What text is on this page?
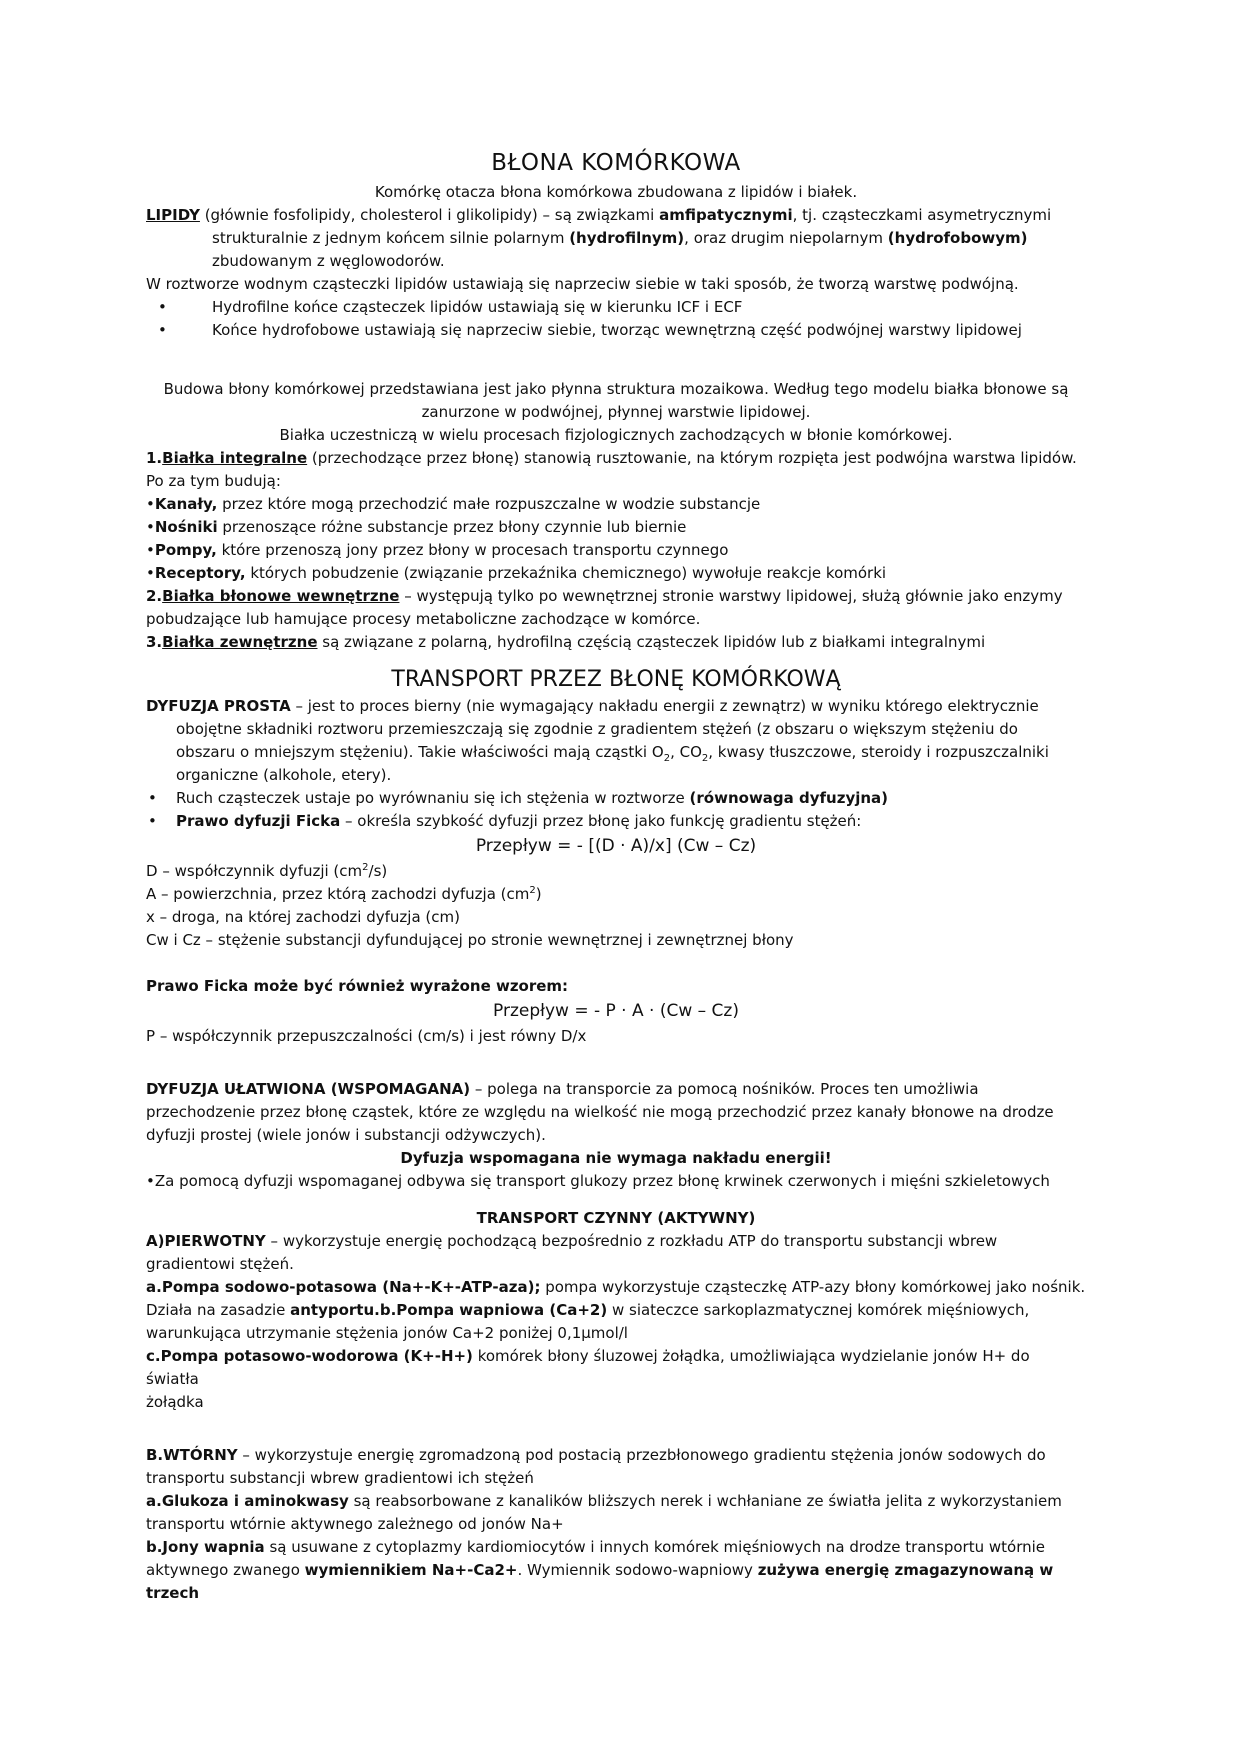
BŁONA KOMÓRKOWA

Komórkę otacza błona komórkowa zbudowana z lipidów i białek.

LIPIDY (głównie fosfolipidy, cholesterol i glikolipidy) – są związkami amfipatycznymi, tj. cząsteczkami asymetrycznymi

strukturalnie z jednym końcem silnie polarnym (hydrofilnym), oraz drugim niepolarnym (hydrofobowym)

zbudowanym z węglowodorów.

W roztworze wodnym cząsteczki lipidów ustawiają się naprzeciw siebie w taki sposób, że tworzą warstwę podwójną.

•	Hydrofilne końce cząsteczek lipidów ustawiają się w kierunku ICF i ECF

•	Końce hydrofobowe ustawiają się naprzeciw siebie, tworząc wewnętrzną część podwójnej warstwy lipidowej

Budowa błony komórkowej przedstawiana jest jako płynna struktura mozaikowa. Według tego modelu białka błonowe są

zanurzone w podwójnej, płynnej warstwie lipidowej.

Białka uczestniczą w wielu procesach fizjologicznych zachodzących w błonie komórkowej.

1.Białka integralne (przechodzące przez błonę) stanowią rusztowanie, na którym rozpięta jest podwójna warstwa lipidów.

Po za tym budują:

•Kanały, przez które mogą przechodzić małe rozpuszczalne w wodzie substancje

•Nośniki przenoszące różne substancje przez błony czynnie lub biernie

•Pompy, które przenoszą jony przez błony w procesach transportu czynnego

•Receptory, których pobudzenie (związanie przekaźnika chemicznego) wywołuje reakcje komórki

2.Białka błonowe wewnętrzne – występują tylko po wewnętrznej stronie warstwy lipidowej, służą głównie jako enzymy

pobudzające lub hamujące procesy metaboliczne zachodzące w komórce.

3.Białka zewnętrzne są związane z polarną, hydrofilną częścią cząsteczek lipidów lub z białkami integralnymi

TRANSPORT PRZEZ BŁONĘ KOMÓRKOWĄ

DYFUZJA PROSTA – jest to proces bierny (nie wymagający nakładu energii z zewnątrz) w wyniku którego elektrycznie

obojętne składniki roztworu przemieszczają się zgodnie z gradientem stężeń (z obszaru o większym stężeniu do

obszaru o mniejszym stężeniu). Takie właściwości mają cząstki $O_2$, $CO_2$, kwasy tłuszczowe, steroidy i rozpuszczalniki

organiczne (alkohole, etery).

• Ruch cząsteczek ustaje po wyrównaniu się ich stężenia w roztworze (równowaga dyfuzyjna)

• Prawo dyfuzji Ficka – określa szybkość dyfuzji przez błonę jako funkcję gradientu stężeń:

Przepływ = - [(D · A)/x] (Cw – Cz)

D – współczynnik dyfuzji $(cm^2/s)$

A – powierzchnia, przez którą zachodzi dyfuzja $(cm^2)$

x – droga, na której zachodzi dyfuzja (cm)

Cw i Cz – stężenie substancji dyfundującej po stronie wewnętrznej i zewnętrznej błony

Prawo Ficka może być również wyrażone wzorem:

Przepływ = - P · A · (Cw – Cz)

P – współczynnik przepuszczalności (cm/s) i jest równy D/x

DYFUZJA UŁATWIONA (WSPOMAGANA) – polega na transporcie za pomocą nośników. Proces ten umożliwia

przechodzenie przez błonę cząstek, które ze względu na wielkość nie mogą przechodzić przez kanały błonowe na drodze

dyfuzji prostej (wiele jonów i substancji odżywczych).

Dyfuzja wspomagana nie wymaga nakładu energii!

•Za pomocą dyfuzji wspomaganej odbywa się transport glukozy przez błonę krwinek czerwonych i mięśni szkieletowych

TRANSPORT CZYNNY (AKTYWNY)

A)PIERWOTNY – wykorzystuje energię pochodzącą bezpośrednio z rozkładu ATP do transportu substancji wbrew

gradientowi stężeń.

a.Pompa sodowo-potasowa (Na+-K+-ATP-aza); pompa wykorzystuje cząsteczkę ATP-azy błony komórkowej jako nośnik.

Działa na zasadzie antyportu.b.Pompa wapniowa (Ca+2) w siateczce sarkoplazmatycznej komórek mięśniowych,

warunkująca utrzymanie stężenia jonów Ca+2 poniżej 0,1μmol/l

c.Pompa potasowo-wodorowa (K+-H+) komórek błony śluzowej żołądka, umożliwiająca wydzielanie jonów H+ do światła

żołądka

B.WTÓRNY – wykorzystuje energię zgromadzoną pod postacią przezbłonowego gradientu stężenia jonów sodowych do

transportu substancji wbrew gradientowi ich stężeń

a.Glukoza i aminokwasy są reabsorbowane z kanalików bliższych nerek i wchłaniane ze światła jelita z wykorzystaniem

transportu wtórnie aktywnego zależnego od jonów Na+

b.Jony wapnia są usuwane z cytoplazmy kardiomiocytów i innych komórek mięśniowych na drodze transportu wtórnie

aktywnego zwanego wymiennikiem Na+-Ca2+. Wymiennik sodowo-wapniowy zużywa energię zmagazynowaną w trzech
